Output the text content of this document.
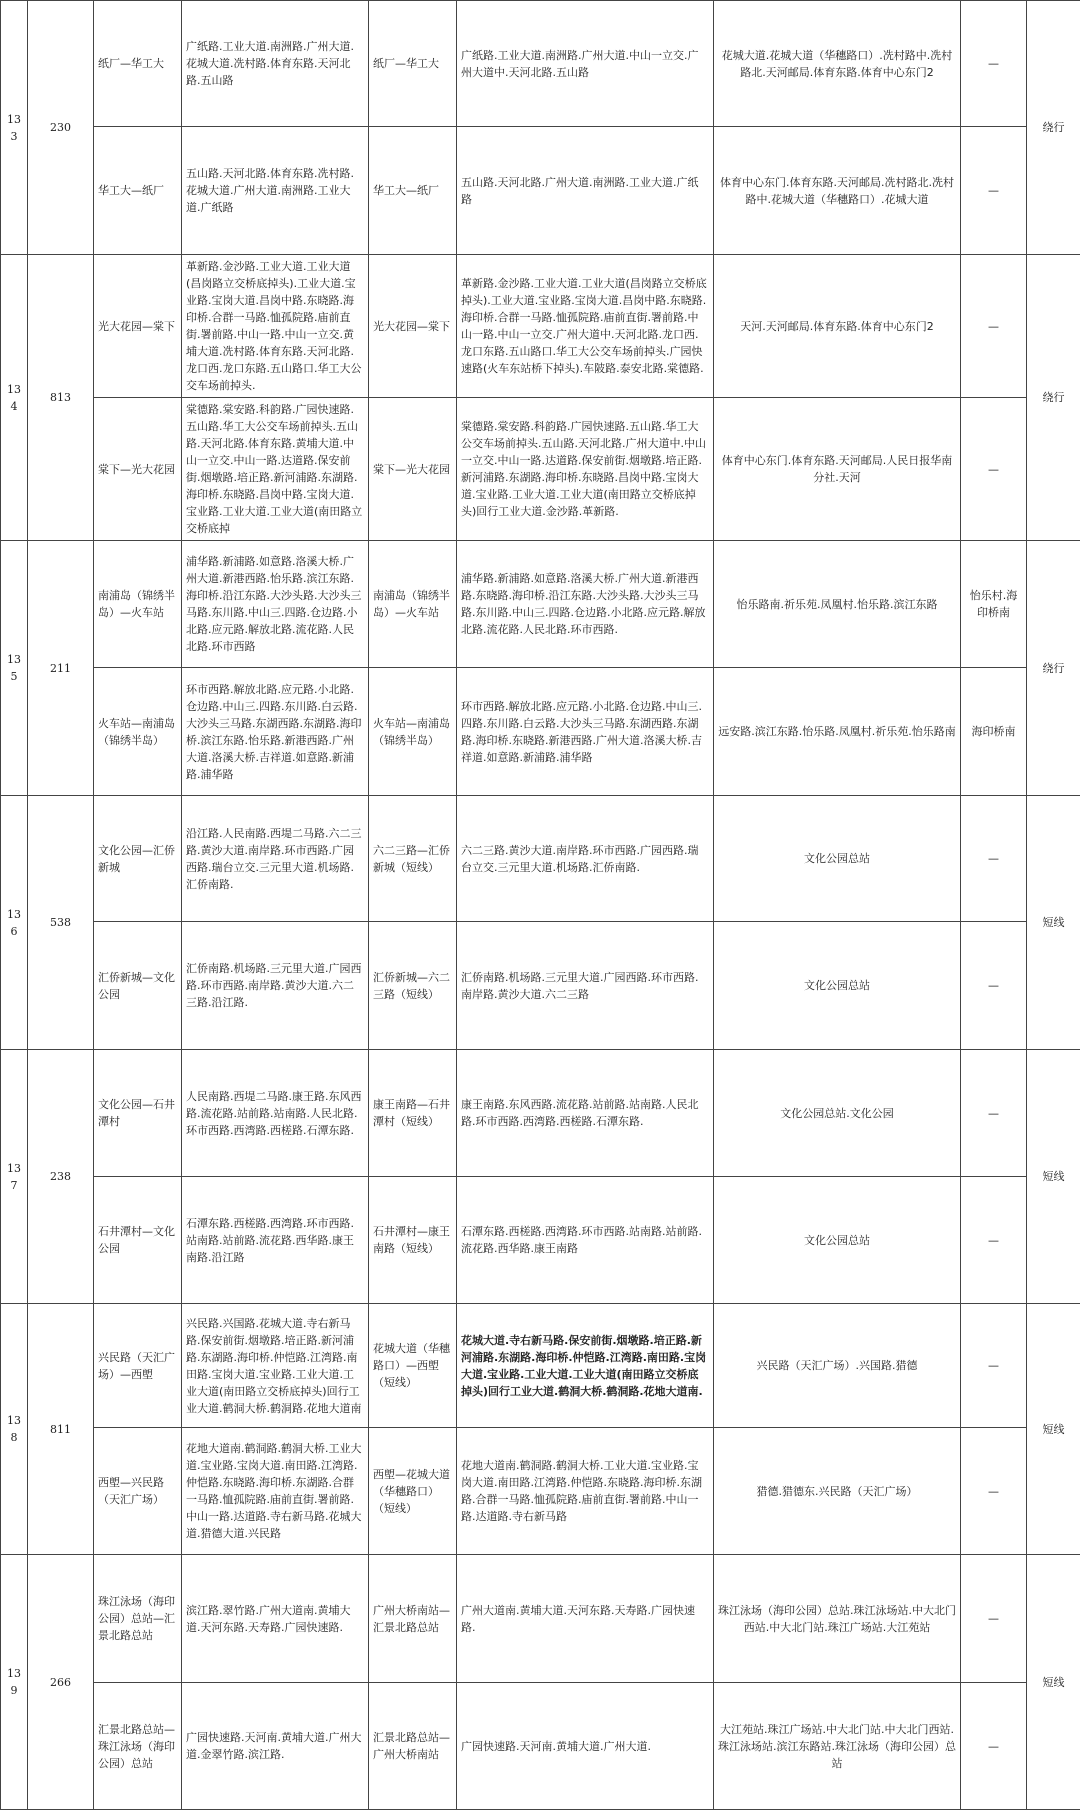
133	230	纸厂—华工大	广纸路.工业大道.南洲路.广州大道.花城大道.冼村路.体育东路.天河北路.五山路	纸厂—华工大	广纸路.工业大道.南洲路.广州大道.中山一立交.广州大道中.天河北路.五山路	花城大道.花城大道（华穗路口）.冼村路中.冼村路北.天河邮局.体育东路.体育中心东门2	—	绕行
		华工大—纸厂	五山路.天河北路.体育东路.冼村路.花城大道.广州大道.南洲路.工业大道.广纸路	华工大—纸厂	五山路.天河北路.广州大道.南洲路.工业大道.广纸路	体育中心东门.体育东路.天河邮局.冼村路北.冼村路中.花城大道（华穗路口）.花城大道	—	
134	813	光大花园—棠下	革新路.金沙路.工业大道.工业大道(昌岗路立交桥底掉头).工业大道.宝业路.宝岗大道.昌岗中路.东晓路.海印桥.合群一马路.恤孤院路.庙前直街.署前路.中山一路.中山一立交.黄埔大道.冼村路.体育东路.天河北路.龙口西.龙口东路.五山路口.华工大公交车场前掉头.	光大花园—棠下	革新路.金沙路.工业大道.工业大道(昌岗路立交桥底掉头).工业大道.宝业路.宝岗大道.昌岗中路.东晓路.海印桥.合群一马路.恤孤院路.庙前直街.署前路.中山一路.中山一立交.广州大道中.天河北路.龙口西.龙口东路.五山路口.华工大公交车场前掉头.广园快速路(火车东站桥下掉头).车陂路.泰安北路.棠德路.	天河.天河邮局.体育东路.体育中心东门2	—	绕行
		棠下—光大花园	棠德路.棠安路.科韵路.广园快速路.五山路.华工大公交车场前掉头.五山路.天河北路.体育东路.黄埔大道.中山一立交.中山一路.达道路.保安前街.烟墩路.培正路.新河浦路.东湖路.海印桥.东晓路.昌岗中路.宝岗大道.宝业路.工业大道.工业大道(南田路立交桥底掉	棠下—光大花园	棠德路.棠安路.科韵路.广园快速路.五山路.华工大公交车场前掉头.五山路.天河北路.广州大道中.中山一立交.中山一路.达道路.保安前街.烟墩路.培正路.新河浦路.东湖路.海印桥.东晓路.昌岗中路.宝岗大道.宝业路.工业大道.工业大道(南田路立交桥底掉头)回行工业大道.金沙路.革新路.	体育中心东门.体育东路.天河邮局.人民日报华南分社.天河	—	
135	211	南浦岛（锦绣半岛）—火车站	浦华路.新浦路.如意路.洛溪大桥.广州大道.新港西路.怡乐路.滨江东路.海印桥.沿江东路.大沙头路.大沙头三马路.东川路.中山三.四路.仓边路.小北路.应元路.解放北路.流花路.人民北路.环市西路	南浦岛（锦绣半岛）—火车站	浦华路.新浦路.如意路.洛溪大桥.广州大道.新港西路.东晓路.海印桥.沿江东路.大沙头路.大沙头三马路.东川路.中山三.四路.仓边路.小北路.应元路.解放北路.流花路.人民北路.环市西路.	怡乐路南.祈乐苑.凤凰村.怡乐路.滨江东路	怡乐村.海印桥南	绕行
		火车站—南浦岛（锦绣半岛）	环市西路.解放北路.应元路.小北路.仓边路.中山三.四路.东川路.白云路.大沙头三马路.东湖西路.东湖路.海印桥.滨江东路.怡乐路.新港西路.广州大道.洛溪大桥.吉祥道.如意路.新浦路.浦华路	火车站—南浦岛（锦绣半岛）	环市西路.解放北路.应元路.小北路.仓边路.中山三.四路.东川路.白云路.大沙头三马路.东湖西路.东湖路.海印桥.东晓路.新港西路.广州大道.洛溪大桥.吉祥道.如意路.新浦路.浦华路	远安路.滨江东路.怡乐路.凤凰村.祈乐苑.怡乐路南	海印桥南	
136	538	文化公园—汇侨新城	沿江路.人民南路.西堤二马路.六二三路.黄沙大道.南岸路.环市西路.广园西路.瑞台立交.三元里大道.机场路.汇侨南路.	六二三路—汇侨新城（短线）	六二三路.黄沙大道.南岸路.环市西路.广园西路.瑞台立交.三元里大道.机场路.汇侨南路.	文化公园总站	—	短线
		汇侨新城—文化公园	汇侨南路.机场路.三元里大道.广园西路.环市西路.南岸路.黄沙大道.六二三路.沿江路.	汇侨新城—六二三路（短线）	汇侨南路.机场路.三元里大道.广园西路.环市西路.南岸路.黄沙大道.六二三路	文化公园总站	—	
137	238	文化公园—石井潭村	人民南路.西堤二马路.康王路.东风西路.流花路.站前路.站南路.人民北路.环市西路.西湾路.西槎路.石潭东路.	康王南路—石井潭村（短线）	康王南路.东风西路.流花路.站前路.站南路.人民北路.环市西路.西湾路.西槎路.石潭东路.	文化公园总站.文化公园	—	短线
		石井潭村—文化公园	石潭东路.西槎路.西湾路.环市西路.站南路.站前路.流花路.西华路.康王南路.沿江路	石井潭村—康王南路（短线）	石潭东路.西槎路.西湾路.环市西路.站南路.站前路.流花路.西华路.康王南路	文化公园总站	—	
138	811	兴民路（天汇广场）—西塱	兴民路.兴国路.花城大道.寺右新马路.保安前街.烟墩路.培正路.新河浦路.东湖路.海印桥.仲恺路.江湾路.南田路.宝岗大道.宝业路.工业大道.工业大道(南田路立交桥底掉头)回行工业大道.鹤洞大桥.鹤洞路.花地大道南	花城大道（华穗路口）—西塱（短线）	花城大道.寺右新马路.保安前街.烟墩路.培正路.新河浦路.东湖路.海印桥.仲恺路.江湾路.南田路.宝岗大道.宝业路.工业大道.工业大道(南田路立交桥底掉头)回行工业大道.鹤洞大桥.鹤洞路.花地大道南.	兴民路（天汇广场）.兴国路.猎德	—	短线
		西塱—兴民路（天汇广场）	花地大道南.鹤洞路.鹤洞大桥.工业大道.宝业路.宝岗大道.南田路.江湾路.仲恺路.东晓路.海印桥.东湖路.合群一马路.恤孤院路.庙前直街.署前路.中山一路.达道路.寺右新马路.花城大道.猎德大道.兴民路	西塱—花城大道（华穗路口）（短线）	花地大道南.鹤洞路.鹤洞大桥.工业大道.宝业路.宝岗大道.南田路.江湾路.仲恺路.东晓路.海印桥.东湖路.合群一马路.恤孤院路.庙前直街.署前路.中山一路.达道路.寺右新马路	猎德.猎德东.兴民路（天汇广场）	—	
139	266	珠江泳场（海印公园）总站—汇景北路总站	滨江路.翠竹路.广州大道南.黄埔大道.天河东路.天寿路.广园快速路.	广州大桥南站—汇景北路总站	广州大道南.黄埔大道.天河东路.天寿路.广园快速路.	珠江泳场（海印公园）总站.珠江泳场站.中大北门西站.中大北门站.珠江广场站.大江苑站	—	短线
		汇景北路总站—珠江泳场（海印公园）总站	广园快速路.天河南.黄埔大道.广州大道.金翠竹路.滨江路.	汇景北路总站—广州大桥南站	广园快速路.天河南.黄埔大道.广州大道.	大江苑站.珠江广场站.中大北门站.中大北门西站.珠江泳场站.滨江东路站.珠江泳场（海印公园）总站	—	
